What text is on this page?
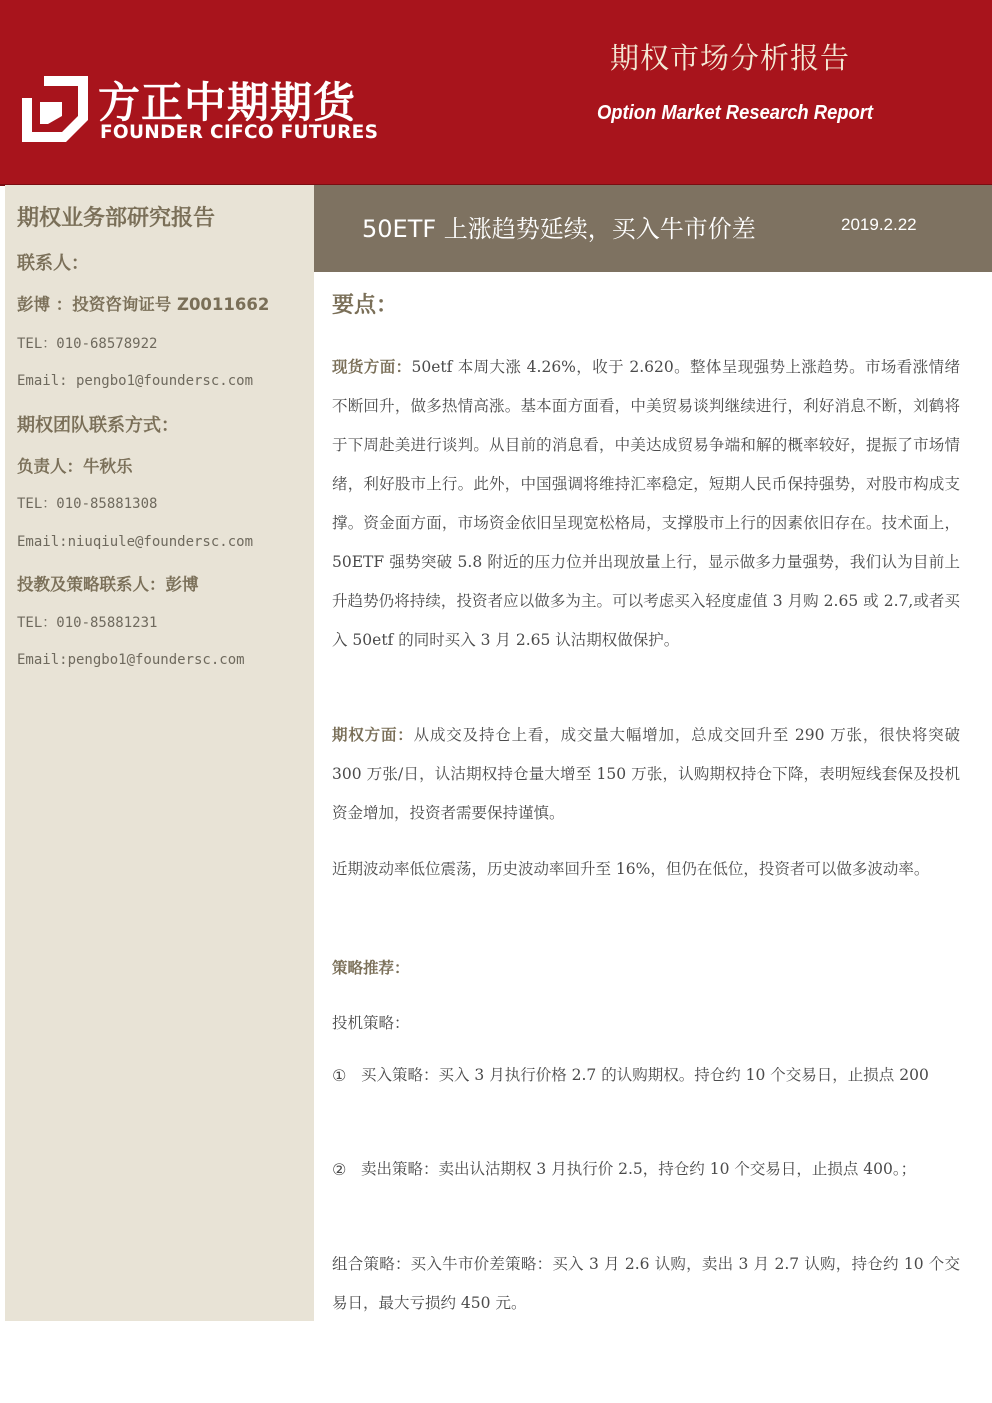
方正中期期货
FOUNDER CIFCO FUTURES
期权市场分析报告
Option Market Research Report
期权业务部研究报告
联系人：
彭博 ：投资咨询证号 Z0011662
TEL：010-68578922
Email: pengbo1@foundersc.com
期权团队联系方式：
负责人：牛秋乐
TEL：010-85881308
Email:niuqiule@foundersc.com
投教及策略联系人：彭博
TEL：010-85881231
Email:pengbo1@foundersc.com
50ETF 上涨趋势延续，买入牛市价差	2019.2.22
要点：

现货方面：50etf 本周大涨 4.26%，收于 2.620。整体呈现强势上涨趋势。市场看涨情绪不断回升，做多热情高涨。基本面方面看，中美贸易谈判继续进行，利好消息不断，刘鹤将于下周赴美进行谈判。从目前的消息看，中美达成贸易争端和解的概率较好，提振了市场情绪，利好股市上行。此外，中国强调将维持汇率稳定，短期人民币保持强势，对股市构成支撑。资金面方面，市场资金依旧呈现宽松格局，支撑股市上行的因素依旧存在。技术面上，50ETF 强势突破 5.8 附近的压力位并出现放量上行，显示做多力量强势，我们认为目前上升趋势仍将持续，投资者应以做多为主。可以考虑买入轻度虚值 3 月购 2.65 或 2.7,或者买入 50etf 的同时买入 3 月 2.65 认沽期权做保护。

期权方面：从成交及持仓上看，成交量大幅增加，总成交回升至 290 万张，很快将突破 300 万张/日，认沽期权持仓量大增至 150 万张，认购期权持仓下降，表明短线套保及投机资金增加，投资者需要保持谨慎。

近期波动率低位震荡，历史波动率回升至 16%，但仍在低位，投资者可以做多波动率。

策略推荐：
投机策略：
① 买入策略：买入 3 月执行价格 2.7 的认购期权。持仓约 10 个交易日，止损点 200

② 卖出策略：卖出认沽期权 3 月执行价 2.5，持仓约 10 个交易日，止损点 400。；

组合策略：买入牛市价差策略：买入 3 月 2.6 认购，卖出 3 月 2.7 认购，持仓约 10 个交易日，最大亏损约 450 元。
